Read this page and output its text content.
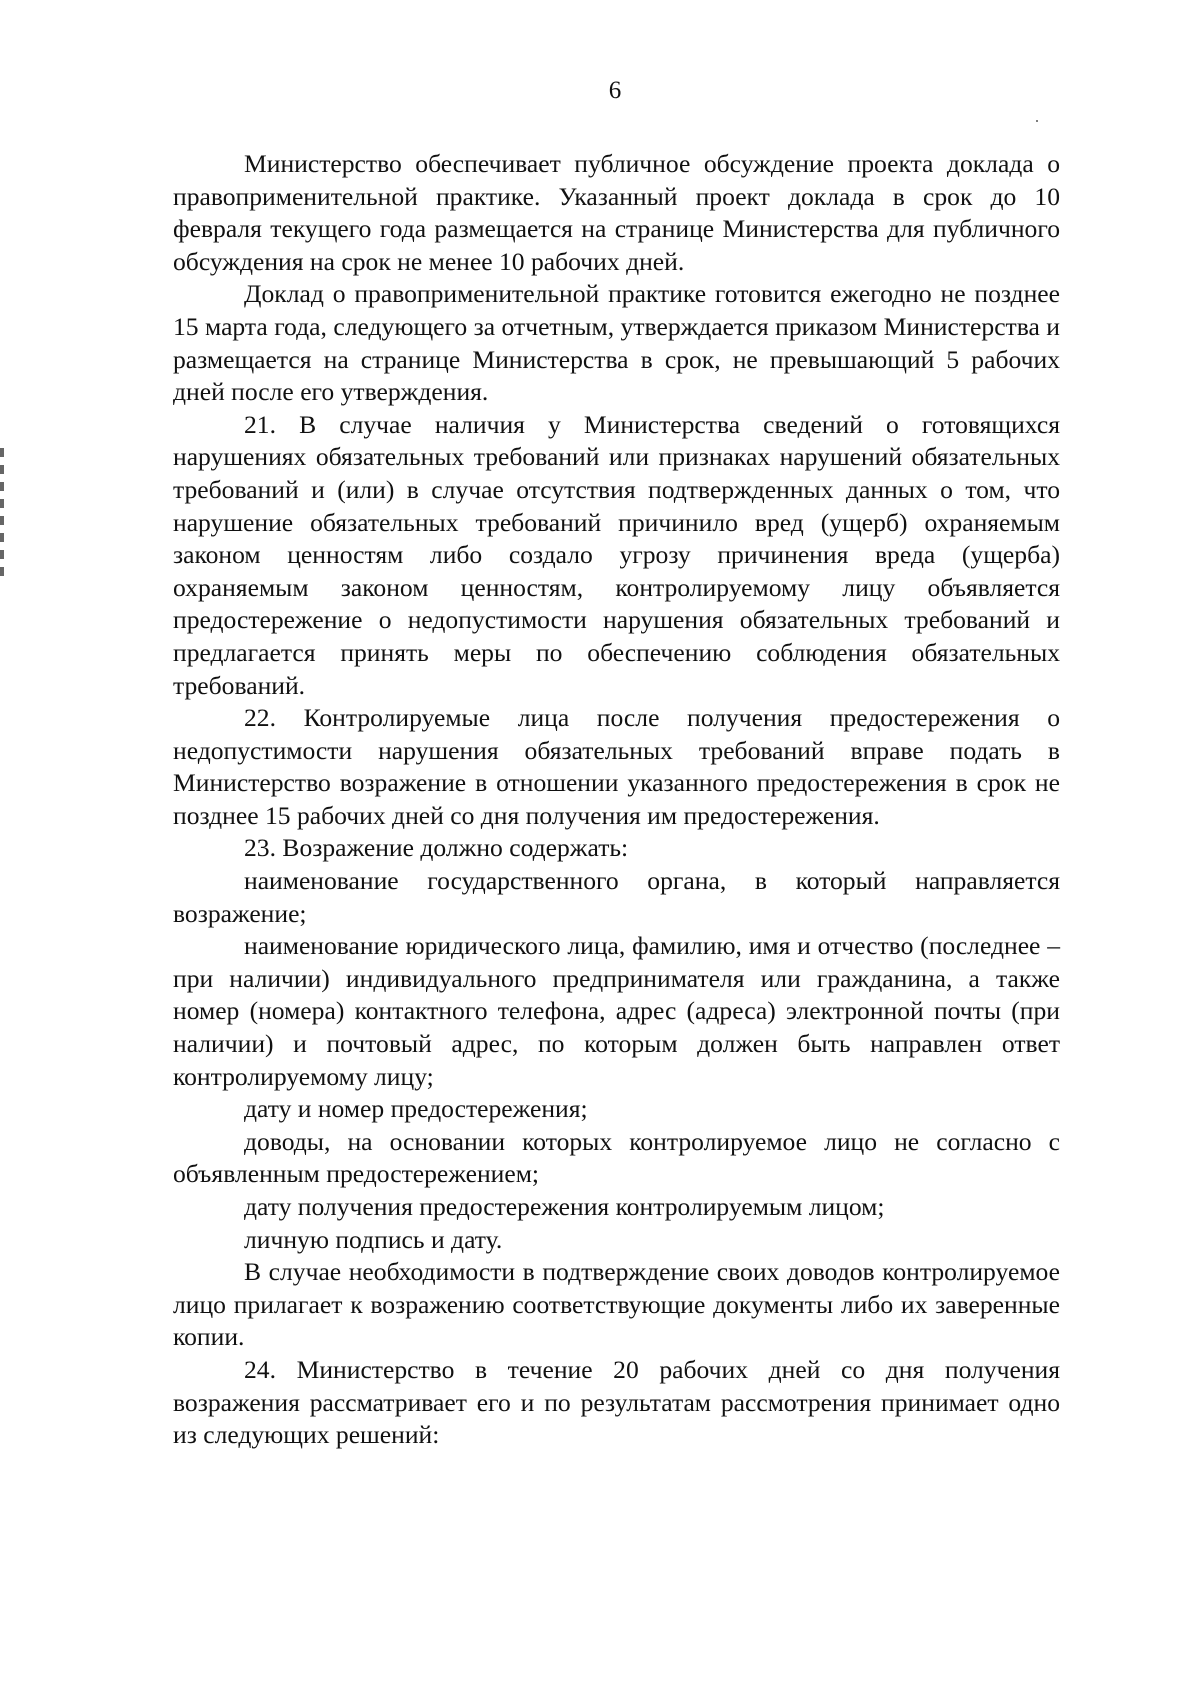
6

Министерство обеспечивает публичное обсуждение проекта доклада о правоприменительной практике. Указанный проект доклада в срок до 10 февраля текущего года размещается на странице Министерства для публичного обсуждения на срок не менее 10 рабочих дней.

Доклад о правоприменительной практике готовится ежегодно не позднее 15 марта года, следующего за отчетным, утверждается приказом Министерства и размещается на странице Министерства в срок, не превышающий 5 рабочих дней после его утверждения.

21. В случае наличия у Министерства сведений о готовящихся нарушениях обязательных требований или признаках нарушений обязательных требований и (или) в случае отсутствия подтвержденных данных о том, что нарушение обязательных требований причинило вред (ущерб) охраняемым законом ценностям либо создало угрозу причинения вреда (ущерба) охраняемым законом ценностям, контролируемому лицу объявляется предостережение о недопустимости нарушения обязательных требований и предлагается принять меры по обеспечению соблюдения обязательных требований.

22. Контролируемые лица после получения предостережения о недопустимости нарушения обязательных требований вправе подать в Министерство возражение в отношении указанного предостережения в срок не позднее 15 рабочих дней со дня получения им предостережения.

23. Возражение должно содержать:

наименование государственного органа, в который направляется возражение;

наименование юридического лица, фамилию, имя и отчество (последнее – при наличии) индивидуального предпринимателя или гражданина, а также номер (номера) контактного телефона, адрес (адреса) электронной почты (при наличии) и почтовый адрес, по которым должен быть направлен ответ контролируемому лицу;

дату и номер предостережения;

доводы, на основании которых контролируемое лицо не согласно с объявленным предостережением;

дату получения предостережения контролируемым лицом;

личную подпись и дату.

В случае необходимости в подтверждение своих доводов контролируемое лицо прилагает к возражению соответствующие документы либо их заверенные копии.

24. Министерство в течение 20 рабочих дней со дня получения возражения рассматривает его и по результатам рассмотрения принимает одно из следующих решений:
